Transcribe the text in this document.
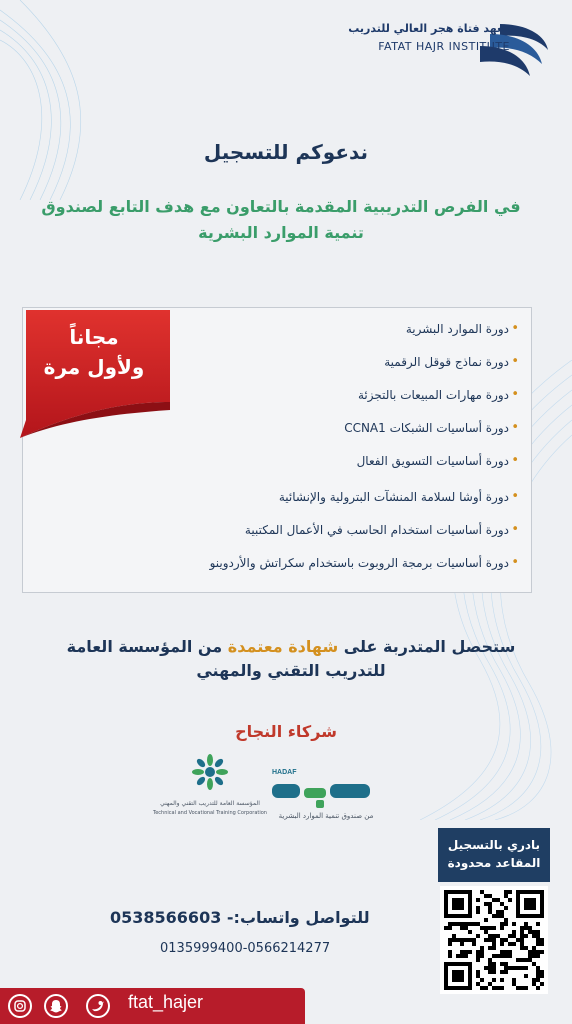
معهد فتاة هجر العالي للتدريب
FATAT HAJR INSTITUTE
ندعوكم للتسجيل
في الفرص التدريبية المقدمة بالتعاون مع هدف التابع لصندوق تنمية الموارد البشرية
• دورة الموارد البشرية
• دورة نماذج قوقل الرقمية
• دورة مهارات المبيعات بالتجزئة
• دورة أساسيات الشبكات CCNA1
• دورة أساسيات التسويق الفعال
• دورة أوشا لسلامة المنشآت البترولية والإنشائية
• دورة أساسيات استخدام الحاسب في الأعمال المكتبية
• دورة أساسيات برمجة الروبوت باستخدام سكراتش والأردوينو
مجاناً
ولأول مرة
ستحصل المتدربة على شهادة معتمدة من المؤسسة العامة للتدريب التقني والمهني
شركاء النجاح
المؤسسة العامة للتدريب التقني والمهني
Technical and Vocational Training Corporation
HADAF
من صندوق تنمية الموارد البشرية
بادري بالتسجيل
المقاعد محدودة
للتواصل واتساب:- 0538566603
0135999400-0566214277
ftat_hajer
